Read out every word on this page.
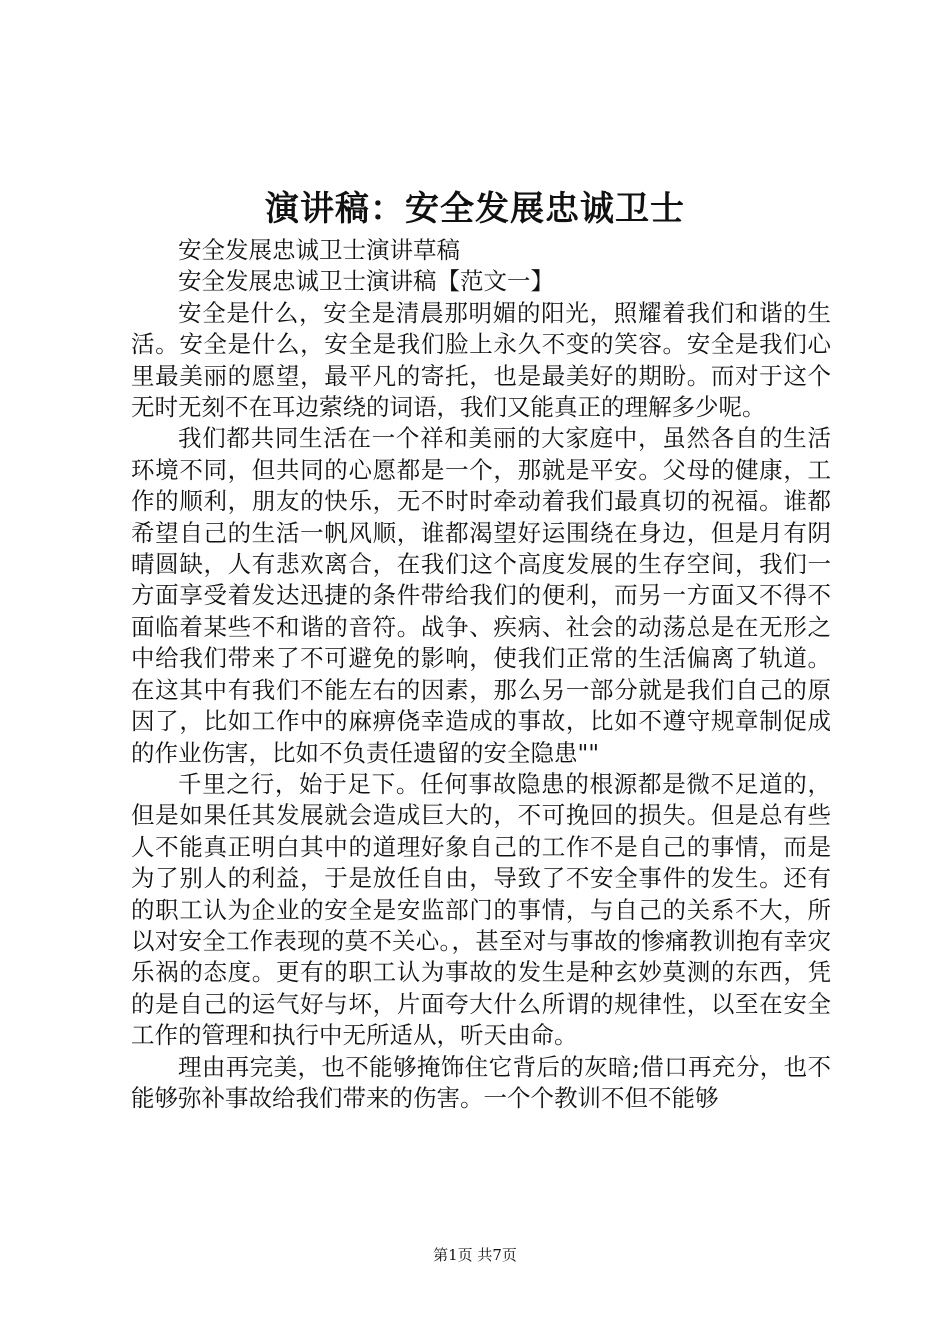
演讲稿：安全发展忠诚卫士

安全发展忠诚卫士演讲草稿

安全发展忠诚卫士演讲稿【范文一】

安全是什么，安全是清晨那明媚的阳光，照耀着我们和谐的生活。安全是什么，安全是我们脸上永久不变的笑容。安全是我们心里最美丽的愿望，最平凡的寄托，也是最美好的期盼。而对于这个无时无刻不在耳边萦绕的词语，我们又能真正的理解多少呢。

我们都共同生活在一个祥和美丽的大家庭中，虽然各自的生活环境不同，但共同的心愿都是一个，那就是平安。父母的健康，工作的顺利，朋友的快乐，无不时时牵动着我们最真切的祝福。谁都希望自己的生活一帆风顺，谁都渴望好运围绕在身边，但是月有阴晴圆缺，人有悲欢离合，在我们这个高度发展的生存空间，我们一方面享受着发达迅捷的条件带给我们的便利，而另一方面又不得不面临着某些不和谐的音符。战争、疾病、社会的动荡总是在无形之中给我们带来了不可避免的影响，使我们正常的生活偏离了轨道。在这其中有我们不能左右的因素，那么另一部分就是我们自己的原因了，比如工作中的麻痹侥幸造成的事故，比如不遵守规章制促成的作业伤害，比如不负责任遗留的安全隐患""

千里之行，始于足下。任何事故隐患的根源都是微不足道的，但是如果任其发展就会造成巨大的，不可挽回的损失。但是总有些人不能真正明白其中的道理好象自己的工作不是自己的事情，而是为了别人的利益，于是放任自由，导致了不安全事件的发生。还有的职工认为企业的安全是安监部门的事情，与自己的关系不大，所以对安全工作表现的莫不关心。，甚至对与事故的惨痛教训抱有幸灾乐祸的态度。更有的职工认为事故的发生是种玄妙莫测的东西，凭的是自己的运气好与坏，片面夸大什么所谓的规律性，以至在安全工作的管理和执行中无所适从，听天由命。

理由再完美，也不能够掩饰住它背后的灰暗;借口再充分，也不能够弥补事故给我们带来的伤害。一个个教训不但不能够

第1页 共7页
